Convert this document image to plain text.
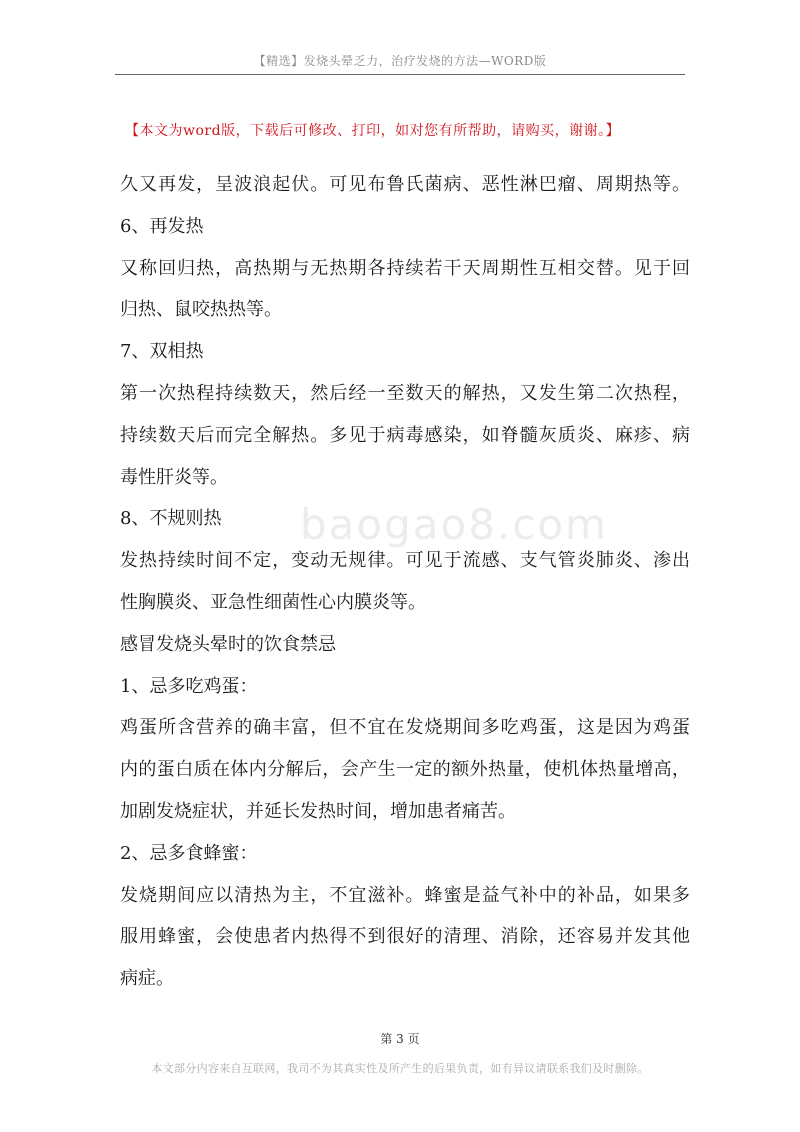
【精选】发烧头晕乏力，治疗发烧的方法—WORD版
【本文为word版，下载后可修改、打印，如对您有所帮助，请购买，谢谢。】
baogao8.com
久又再发，呈波浪起伏。可见布鲁氏菌病、恶性淋巴瘤、周期热等。
6、再发热
又称回归热，高热期与无热期各持续若干天周期性互相交替。见于回
归热、鼠咬热热等。
7、双相热
第一次热程持续数天，然后经一至数天的解热，又发生第二次热程，
持续数天后而完全解热。多见于病毒感染，如脊髓灰质炎、麻疹、病
毒性肝炎等。
8、不规则热
发热持续时间不定，变动无规律。可见于流感、支气管炎肺炎、渗出
性胸膜炎、亚急性细菌性心内膜炎等。
感冒发烧头晕时的饮食禁忌
1、忌多吃鸡蛋：
鸡蛋所含营养的确丰富，但不宜在发烧期间多吃鸡蛋，这是因为鸡蛋
内的蛋白质在体内分解后，会产生一定的额外热量，使机体热量增高，
加剧发烧症状，并延长发热时间，增加患者痛苦。
2、忌多食蜂蜜：
发烧期间应以清热为主，不宜滋补。蜂蜜是益气补中的补品，如果多
服用蜂蜜，会使患者内热得不到很好的清理、消除，还容易并发其他
病症。
第 3 页
本文部分内容来自互联网，我司不为其真实性及所产生的后果负责，如有异议请联系我们及时删除。
